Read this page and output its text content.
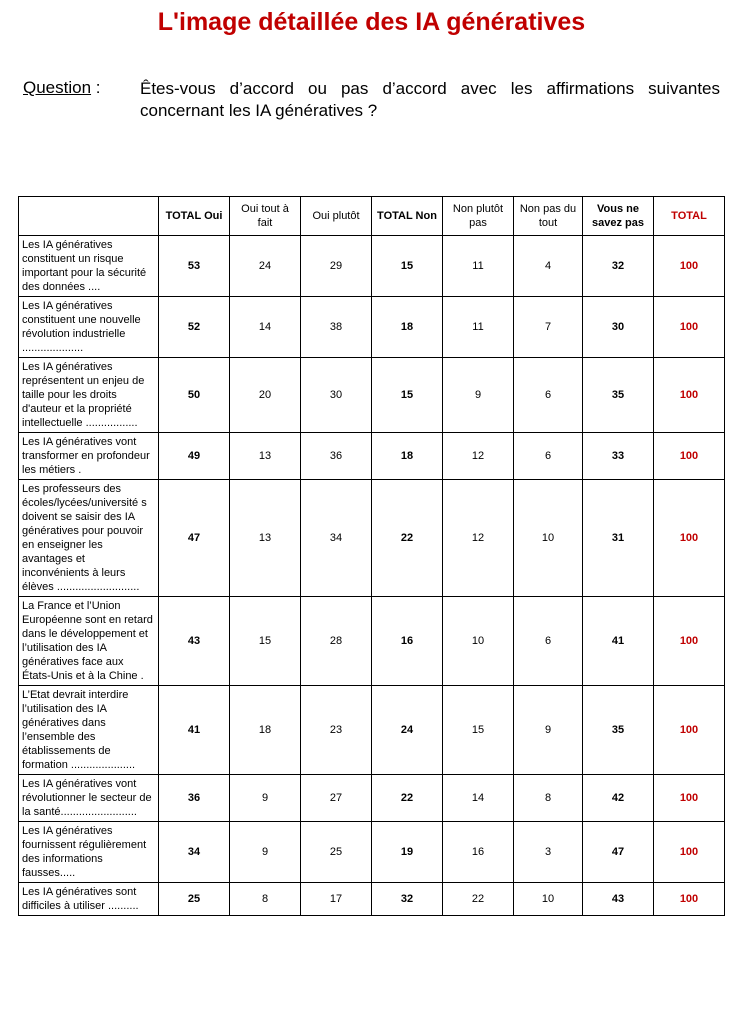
L'image détaillée des IA génératives
Question : Êtes-vous d’accord ou pas d’accord avec les affirmations suivantes concernant les IA génératives ?
	TOTAL Oui	Oui tout à fait	Oui plutôt	TOTAL Non	Non plutôt pas	Non pas du tout	Vous ne savez pas	TOTAL
Les IA génératives constituent un risque important pour la sécurité des données ....	53	24	29	15	11	4	32	100
Les IA génératives constituent une nouvelle révolution industrielle ....................	52	14	38	18	11	7	30	100
Les IA génératives représentent un enjeu de taille pour les droits d'auteur et la propriété intellectuelle .................	50	20	30	15	9	6	35	100
Les IA génératives vont transformer en profondeur les métiers .	49	13	36	18	12	6	33	100
Les professeurs des écoles/lycées/université s doivent se saisir des IA génératives pour pouvoir en enseigner les avantages et inconvénients à leurs élèves ...........................	47	13	34	22	12	10	31	100
La France et l’Union Européenne sont en retard dans le développement et l’utilisation des IA génératives face aux États-Unis et à la Chine .	43	15	28	16	10	6	41	100
L’Etat devrait interdire l’utilisation des IA génératives dans l’ensemble des établissements de formation .....................	41	18	23	24	15	9	35	100
Les IA génératives vont révolutionner le secteur de la santé.........................	36	9	27	22	14	8	42	100
Les IA génératives fournissent régulièrement des informations fausses.....	34	9	25	19	16	3	47	100
Les IA génératives sont difficiles à utiliser ..........	25	8	17	32	22	10	43	100
